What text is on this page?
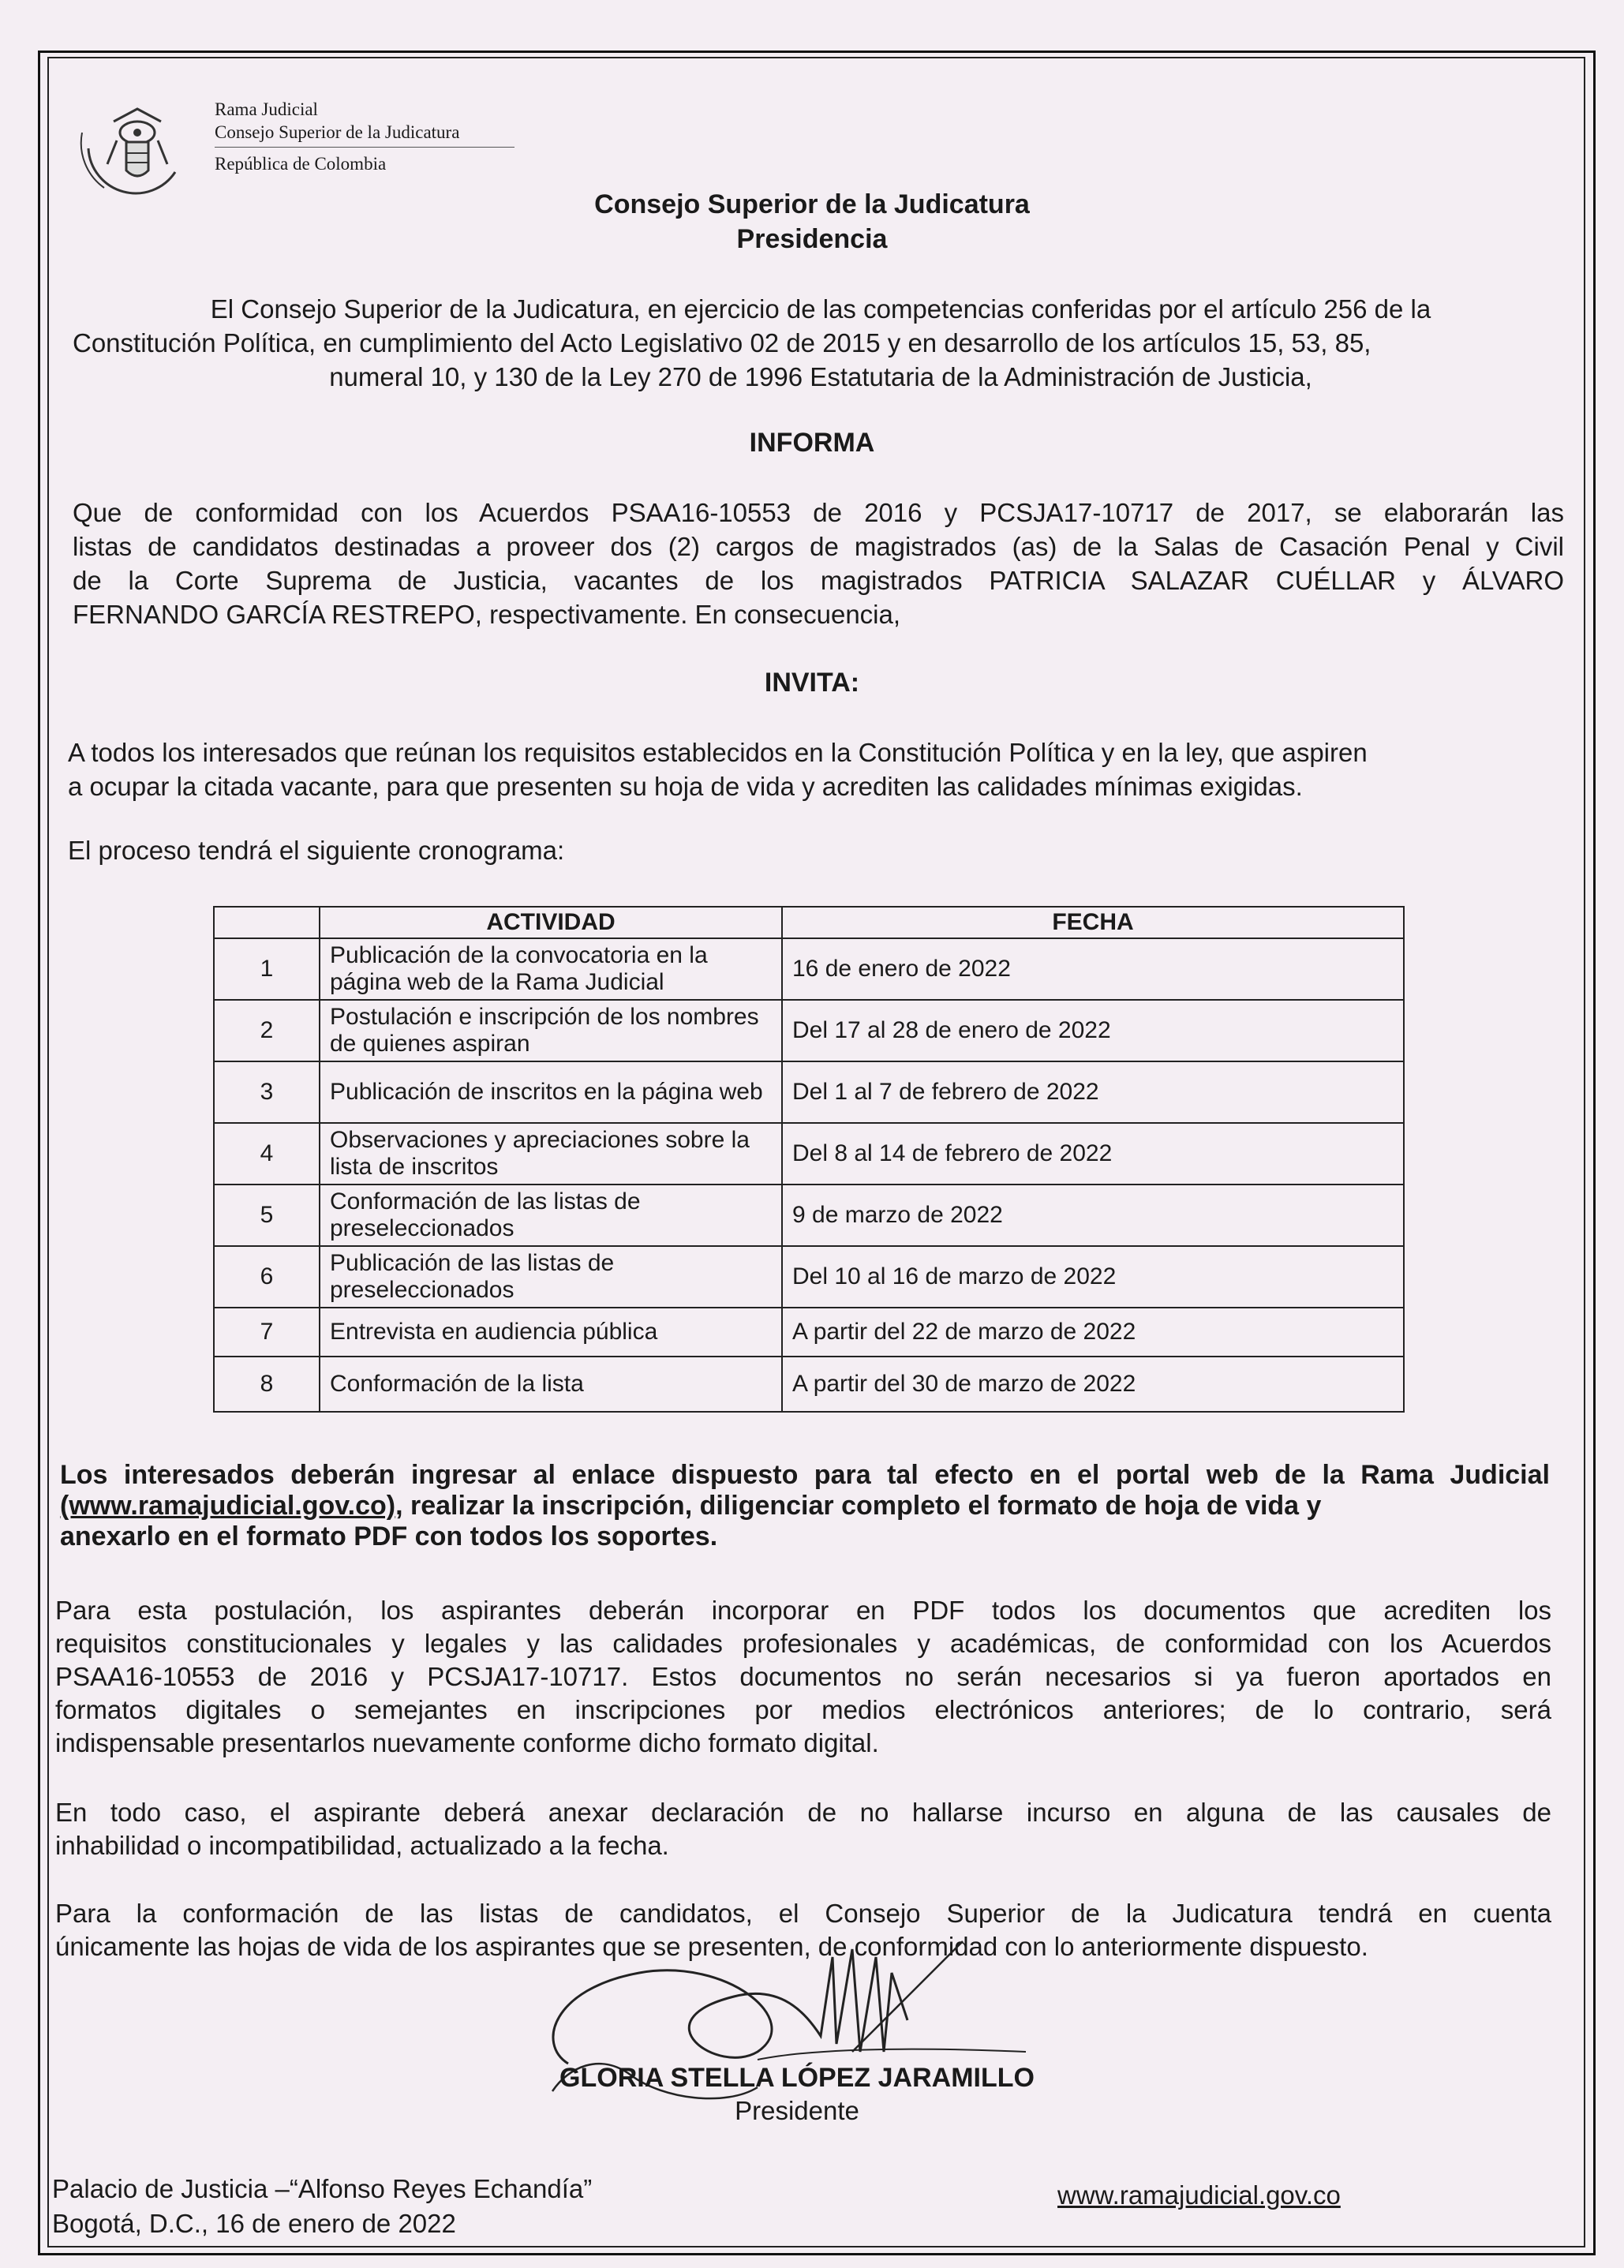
Rama Judicial
Consejo Superior de la Judicatura
República de Colombia
Consejo Superior de la Judicatura
Presidencia
El Consejo Superior de la Judicatura, en ejercicio de las competencias conferidas por el artículo 256 de la
Constitución Política, en cumplimiento del Acto Legislativo 02 de 2015 y en desarrollo de los artículos 15, 53, 85,
numeral 10, y 130 de la Ley 270 de 1996 Estatutaria de la Administración de Justicia,
INFORMA
Que de conformidad con los Acuerdos PSAA16-10553 de 2016 y PCSJA17-10717 de 2017, se elaborarán las
listas de candidatos destinadas a proveer dos (2) cargos de magistrados (as) de la Salas de Casación Penal y Civil
de la Corte Suprema de Justicia, vacantes de los magistrados PATRICIA SALAZAR CUÉLLAR y ÁLVARO
FERNANDO GARCÍA RESTREPO, respectivamente. En consecuencia,
INVITA:
A todos los interesados que reúnan los requisitos establecidos en la Constitución Política y en la ley, que aspiren
a ocupar la citada vacante, para que presenten su hoja de vida y acrediten las calidades mínimas exigidas.
El proceso tendrá el siguiente cronograma:
	ACTIVIDAD	FECHA
1	Publicación de la convocatoria en la página web de la Rama Judicial	16 de enero de 2022
2	Postulación e inscripción de los nombres de quienes aspiran	Del 17 al 28 de enero de 2022
3	Publicación de inscritos en la página web	Del 1 al 7 de febrero de 2022
4	Observaciones y apreciaciones sobre la lista de inscritos	Del 8 al 14 de febrero de 2022
5	Conformación de las listas de preseleccionados	9 de marzo de 2022
6	Publicación de las listas de preseleccionados	Del 10 al 16 de marzo de 2022
7	Entrevista en audiencia pública	A partir del 22 de marzo de 2022
8	Conformación de la lista	A partir del 30 de marzo de 2022
Los interesados deberán ingresar al enlace dispuesto para tal efecto en el portal web de la Rama Judicial
(www.ramajudicial.gov.co), realizar la inscripción, diligenciar completo el formato de hoja de vida y
anexarlo en el formato PDF con todos los soportes.
Para esta postulación, los aspirantes deberán incorporar en PDF todos los documentos que acrediten los
requisitos constitucionales y legales y las calidades profesionales y académicas, de conformidad con los Acuerdos
PSAA16-10553 de 2016 y PCSJA17-10717. Estos documentos no serán necesarios si ya fueron aportados en
formatos digitales o semejantes en inscripciones por medios electrónicos anteriores; de lo contrario, será
indispensable presentarlos nuevamente conforme dicho formato digital.
En todo caso, el aspirante deberá anexar declaración de no hallarse incurso en alguna de las causales de
inhabilidad o incompatibilidad, actualizado a la fecha.
Para la conformación de las listas de candidatos, el Consejo Superior de la Judicatura tendrá en cuenta
únicamente las hojas de vida de los aspirantes que se presenten, de conformidad con lo anteriormente dispuesto.
GLORIA STELLA LÓPEZ JARAMILLO
Presidente
Palacio de Justicia –“Alfonso Reyes Echandía”
Bogotá, D.C., 16 de enero de 2022
www.ramajudicial.gov.co
